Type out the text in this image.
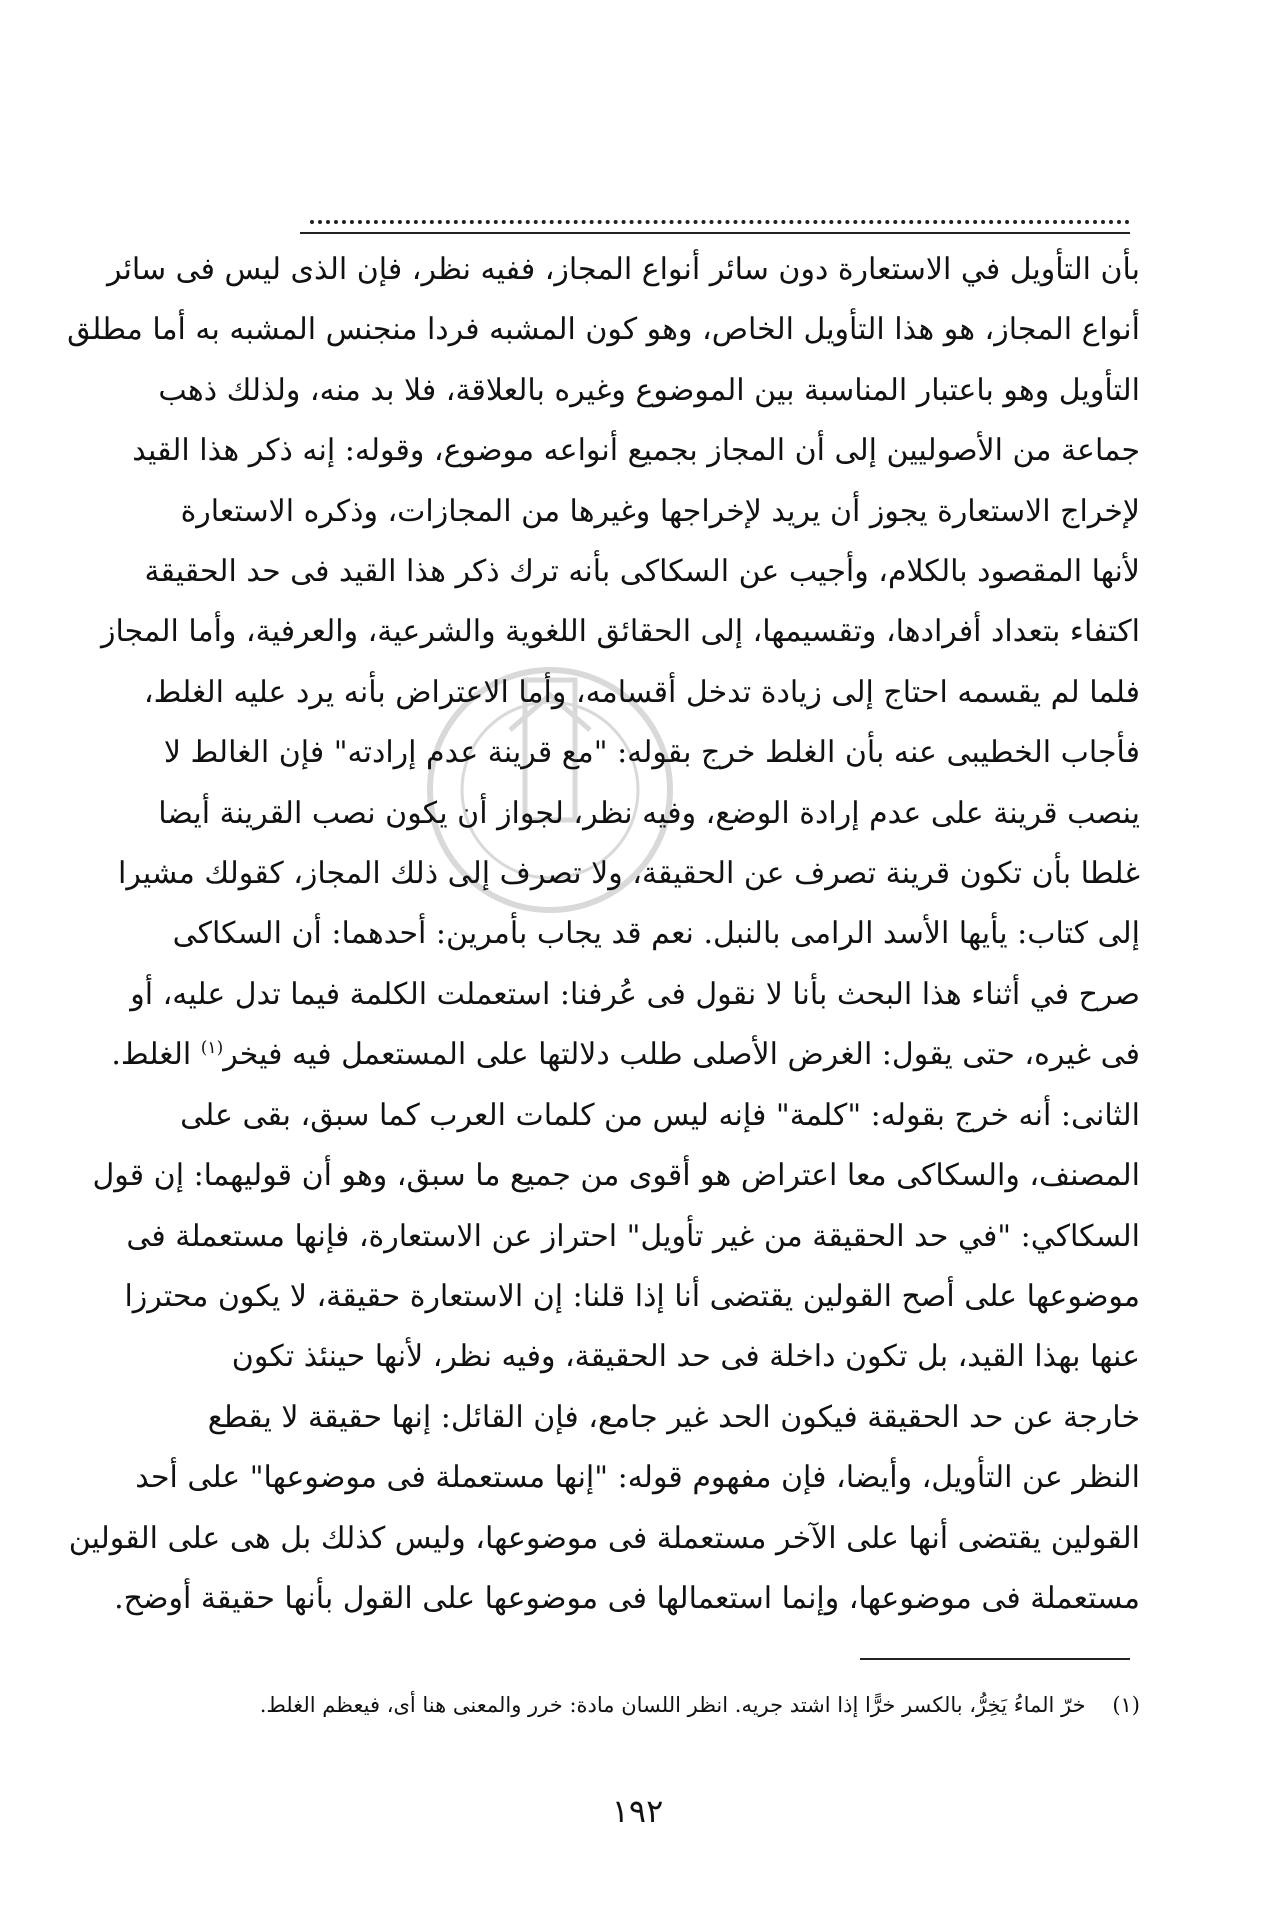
بأن التأويل في الاستعارة دون سائر أنواع المجاز، ففيه نظر، فإن الذى ليس فى سائر
أنواع المجاز، هو هذا التأويل الخاص، وهو كون المشبه فردا منجنس المشبه به أما مطلق
التأويل وهو باعتبار المناسبة بين الموضوع وغيره بالعلاقة، فلا بد منه، ولذلك ذهب
جماعة من الأصوليين إلى أن المجاز بجميع أنواعه موضوع، وقوله: إنه ذكر هذا القيد
لإخراج الاستعارة يجوز أن يريد لإخراجها وغيرها من المجازات، وذكره الاستعارة
لأنها المقصود بالكلام، وأجيب عن السكاكى بأنه ترك ذكر هذا القيد فى حد الحقيقة
اكتفاء بتعداد أفرادها، وتقسيمها، إلى الحقائق اللغوية والشرعية، والعرفية، وأما المجاز
فلما لم يقسمه احتاج إلى زيادة تدخل أقسامه، وأما الاعتراض بأنه يرد عليه الغلط،
فأجاب الخطيبى عنه بأن الغلط خرج بقوله: "مع قرينة عدم إرادته" فإن الغالط لا
ينصب قرينة على عدم إرادة الوضع، وفيه نظر، لجواز أن يكون نصب القرينة أيضا
غلطا بأن تكون قرينة تصرف عن الحقيقة، ولا تصرف إلى ذلك المجاز، كقولك مشيرا
إلى كتاب: يأيها الأسد الرامى بالنبل. نعم قد يجاب بأمرين: أحدهما: أن السكاكى
صرح في أثناء هذا البحث بأنا لا نقول فى عُرفنا: استعملت الكلمة فيما تدل عليه، أو
فى غيره، حتى يقول: الغرض الأصلى طلب دلالتها على المستعمل فيه فيخر$^{(١)}$ الغلط.
الثانى: أنه خرج بقوله: "كلمة" فإنه ليس من كلمات العرب كما سبق، بقى على
المصنف، والسكاكى معا اعتراض هو أقوى من جميع ما سبق، وهو أن قوليهما: إن قول
السكاكي: "في حد الحقيقة من غير تأويل" احتراز عن الاستعارة، فإنها مستعملة فى
موضوعها على أصح القولين يقتضى أنا إذا قلنا: إن الاستعارة حقيقة، لا يكون محترزا
عنها بهذا القيد، بل تكون داخلة فى حد الحقيقة، وفيه نظر، لأنها حينئذ تكون
خارجة عن حد الحقيقة فيكون الحد غير جامع، فإن القائل: إنها حقيقة لا يقطع
النظر عن التأويل، وأيضا، فإن مفهوم قوله: "إنها مستعملة فى موضوعها" على أحد
القولين يقتضى أنها على الآخر مستعملة فى موضوعها، وليس كذلك بل هى على القولين
مستعملة فى موضوعها، وإنما استعمالها فى موضوعها على القول بأنها حقيقة أوضح.
(١)    خرّ الماءُ يَخِرُّ، بالكسر خرًّا إذا اشتد جريه. انظر اللسان مادة: خرر والمعنى هنا أى، فيعظم الغلط.
١٩٢
